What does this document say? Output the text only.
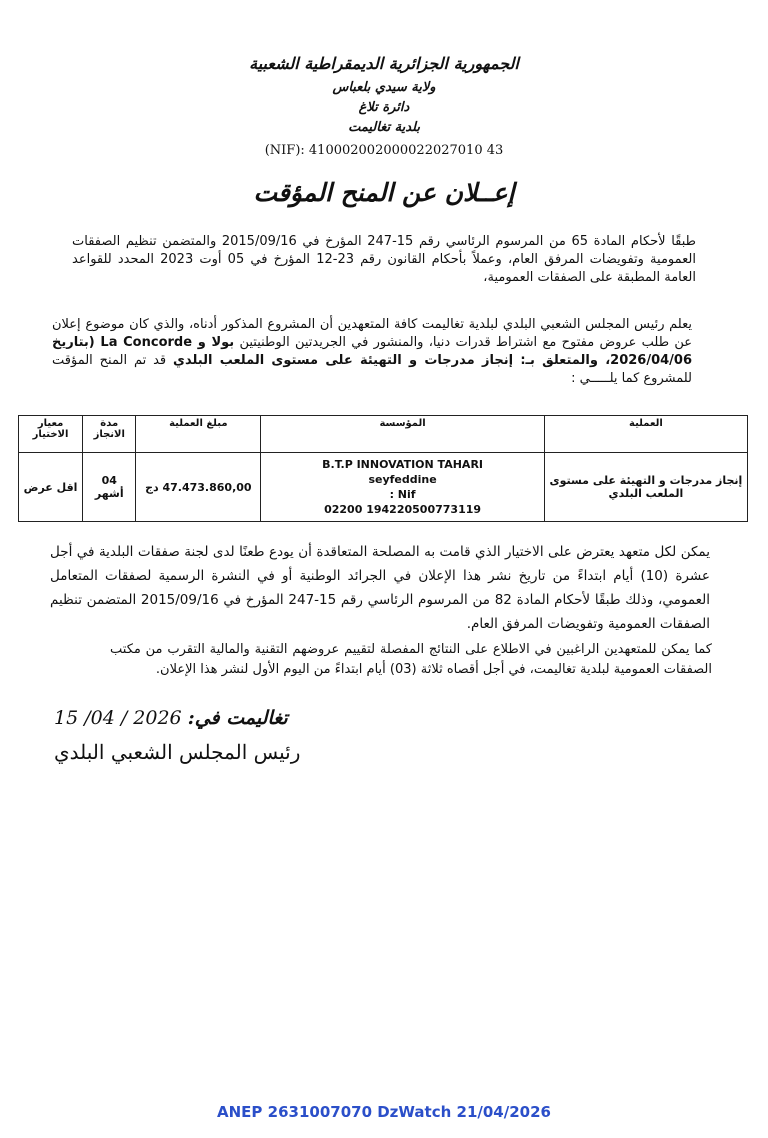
الجمهورية الجزائرية الديمقراطية الشعبية
ولاية سيدي بلعباس
دائرة تلاغ
بلدية تغاليمت
(NIF): 410002002000022027010 43
إعــلان عن المنح المؤقت
طبقًا لأحكام المادة 65 من المرسوم الرئاسي رقم 15-247 المؤرخ في 2015/09/16 والمتضمن تنظيم الصفقات العمومية وتفويضات المرفق العام، وعملاً بأحكام القانون رقم 23-12 المؤرخ في 05 أوت 2023 المحدد للقواعد العامة المطبقة على الصفقات العمومية،
يعلم رئيس المجلس الشعبي البلدي لبلدية تغاليمت كافة المتعهدين أن المشروع المذكور أدناه، والذي كان موضوع إعلان عن طلب عروض مفتوح مع اشتراط قدرات دنيا، والمنشور في الجريدتين الوطنيتين بولا و La Concorde (بتاريخ 2026/04/06، والمتعلق بـ: إنجاز مدرجات و التهيئة على مستوى الملعب البلدي قد تم المنح المؤقت للمشروع كما يلـــــي :
العملية	المؤسسة	مبلغ العملية	مدة الانجاز	معيار الاختيار
إنجاز مدرجات و التهيئة على مستوى الملعب البلدي	B.T.P INNOVATION TAHARI
seyfeddine
Nif :
194220500773119 02200	47.473.860,00 دج	04 أشهر	اقل عرض
يمكن لكل متعهد يعترض على الاختيار الذي قامت به المصلحة المتعاقدة أن يودع طعنًا لدى لجنة صفقات البلدية في أجل عشرة (10) أيام ابتداءً من تاريخ نشر هذا الإعلان في الجرائد الوطنية أو في النشرة الرسمية لصفقات المتعامل العمومي، وذلك طبقًا لأحكام المادة 82 من المرسوم الرئاسي رقم 15-247 المؤرخ في 2015/09/16 المتضمن تنظيم الصفقات العمومية وتفويضات المرفق العام.
كما يمكن للمتعهدين الراغبين في الاطلاع على النتائج المفصلة لتقييم عروضهم التقنية والمالية التقرب من مكتب الصفقات العمومية لبلدية تغاليمت، في أجل أقصاه ثلاثة (03) أيام ابتداءً من اليوم الأول لنشر هذا الإعلان.
تغاليمت في: 15 /04 / 2026
رئيس المجلس الشعبي البلدي
ANEP 2631007070 DzWatch 21/04/2026
